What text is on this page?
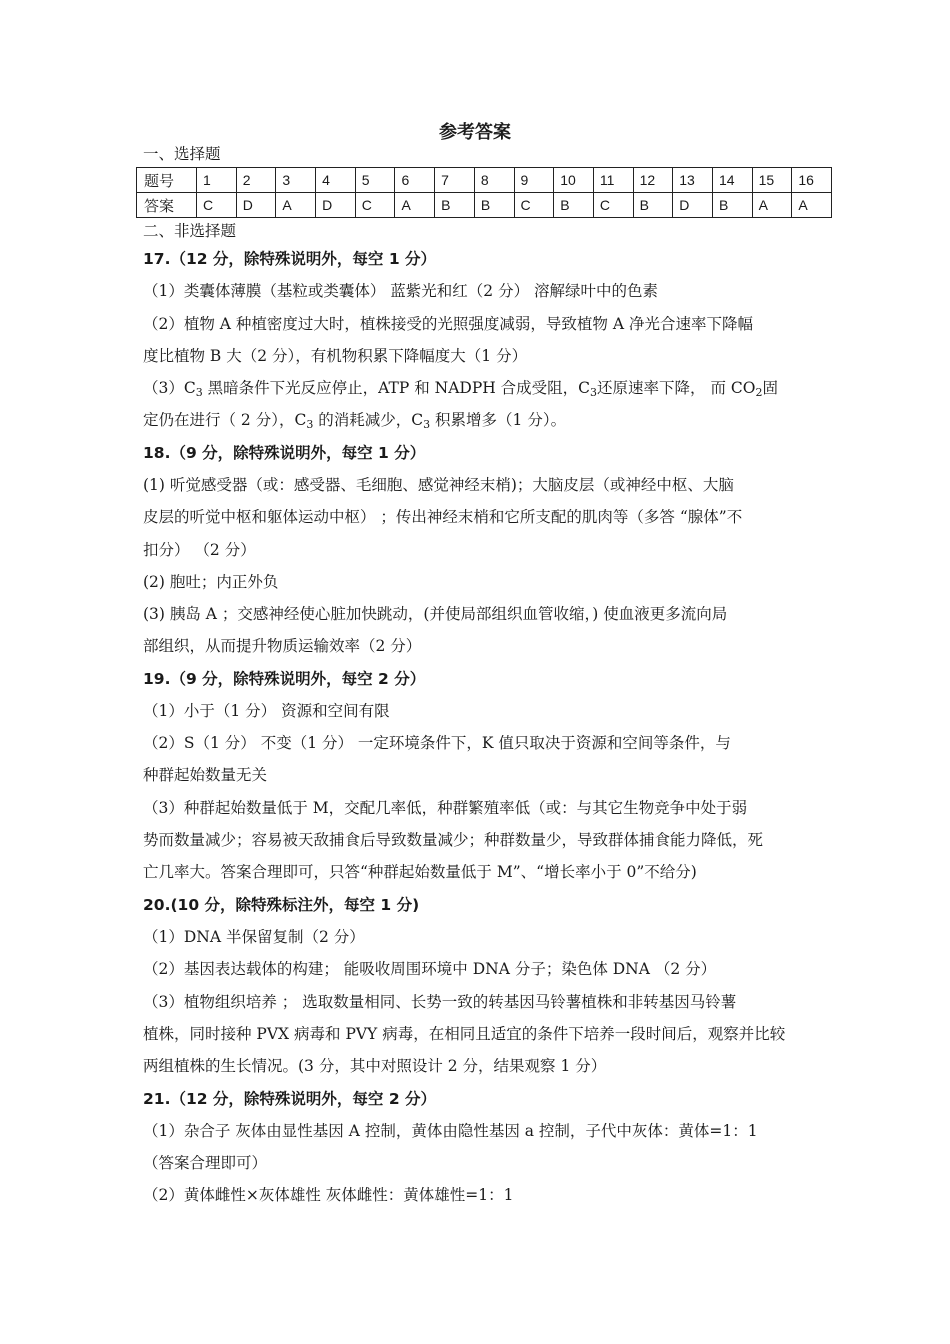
参考答案
一、选择题
题号	1	2	3	4	5	6	7	8	9	10	11	12	13	14	15	16
答案	C	D	A	D	C	A	B	B	C	B	C	B	D	B	A	A
二、非选择题
17.（12 分，除特殊说明外，每空 1 分）
（1）类囊体薄膜（基粒或类囊体） 蓝紫光和红（2 分） 溶解绿叶中的色素
（2）植物 A 种植密度过大时，植株接受的光照强度减弱，导致植物 A 净光合速率下降幅
度比植物 B 大（2 分），有机物积累下降幅度大（1 分）
$(3)C_3$ 黑暗条件下光反应停止，ATP 和 NADPH 合成受阻，$C_3$还原速率下降， 而 $CO_2$固
定仍在进行（ 2 分），$C_3$ 的消耗减少，$C_3$ 积累增多（1 分）。
18.（9 分，除特殊说明外，每空 1 分）
(1) 听觉感受器（或：感受器、毛细胞、感觉神经末梢)；大脑皮层（或神经中枢、大脑
皮层的听觉中枢和躯体运动中枢） ；传出神经末梢和它所支配的肌肉等（多答 “腺体”不
扣分） （2 分）
(2) 胞吐；内正外负
(3) 胰岛 A ；交感神经使心脏加快跳动，(并使局部组织血管收缩，) 使血液更多流向局
部组织，从而提升物质运输效率（2 分）
19.（9 分，除特殊说明外，每空 2 分）
（1）小于（1 分） 资源和空间有限
（2）S（1 分） 不变（1 分） 一定环境条件下，K 值只取决于资源和空间等条件，与
种群起始数量无关
（3）种群起始数量低于 M，交配几率低，种群繁殖率低（或：与其它生物竞争中处于弱
势而数量减少；容易被天敌捕食后导致数量减少；种群数量少，导致群体捕食能力降低，死
亡几率大。答案合理即可，只答“种群起始数量低于 M”、“增长率小于 0”不给分)
20.(10 分，除特殊标注外，每空 1 分)
（1）DNA 半保留复制（2 分）
（2）基因表达载体的构建； 能吸收周围环境中 DNA 分子；染色体 DNA （2 分）
（3）植物组织培养 ； 选取数量相同、长势一致的转基因马铃薯植株和非转基因马铃薯
植株，同时接种 PVX 病毒和 PVY 病毒，在相同且适宜的条件下培养一段时间后，观察并比较
两组植株的生长情况。(3 分，其中对照设计 2 分，结果观察 1 分）
21.（12 分，除特殊说明外，每空 2 分）
（1）杂合子 灰体由显性基因 A 控制，黄体由隐性基因 a 控制，子代中灰体：黄体=1：1
（答案合理即可）
（2）黄体雌性×灰体雄性 灰体雌性：黄体雄性=1：1
